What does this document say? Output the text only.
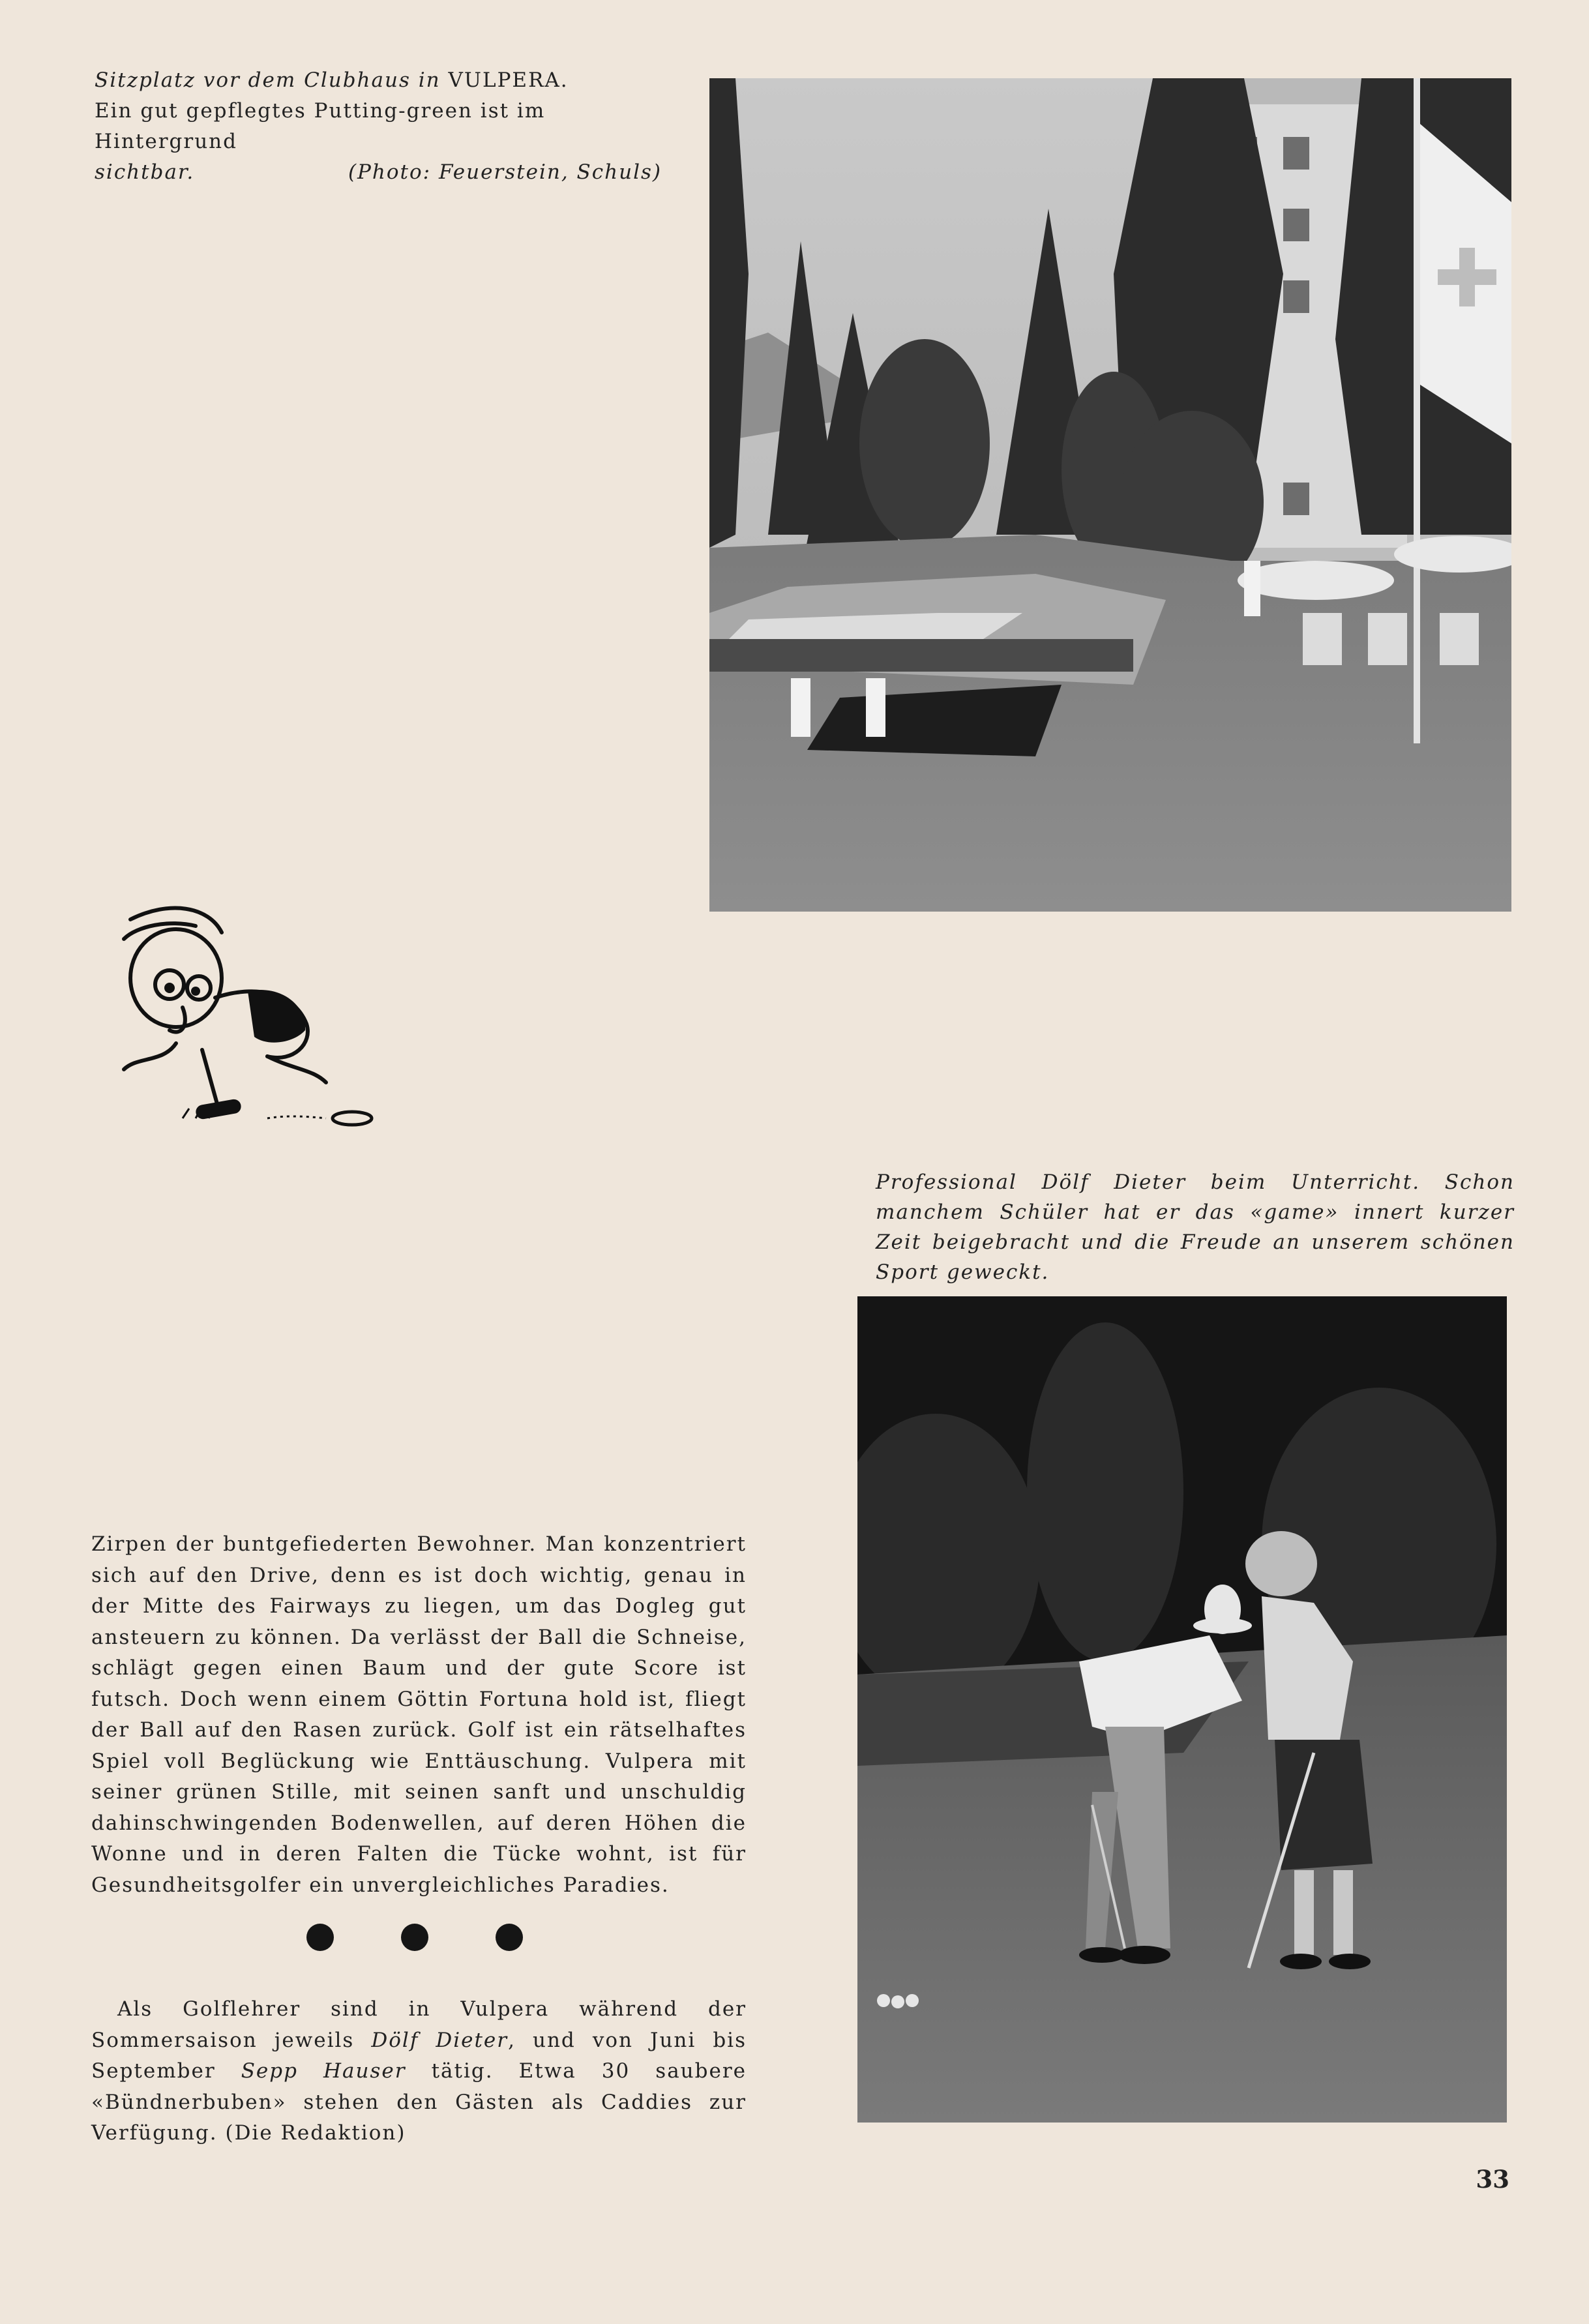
Sitzplatz vor dem Clubhaus in VULPERA.
Ein gut gepflegtes Putting-green ist im Hintergrund
sichtbar.	(Photo: Feuerstein, Schuls)
Professional Dölf Dieter beim Unterricht. Schon manchem Schüler hat er das «game» innert kurzer Zeit beigebracht und die Freude an unserem schönen Sport geweckt.

Zirpen der buntgefiederten Bewohner. Man konzentriert sich auf den Drive, denn es ist doch wichtig, genau in der Mitte des Fairways zu liegen, um das Dogleg gut ansteuern zu können. Da verlässt der Ball die Schneise, schlägt gegen einen Baum und der gute Score ist futsch. Doch wenn einem Göttin Fortuna hold ist, fliegt der Ball auf den Rasen zurück. Golf ist ein rätselhaftes Spiel voll Beglückung wie Enttäuschung. Vulpera mit seiner grünen Stille, mit seinen sanft und unschuldig dahinschwingenden Bodenwellen, auf deren Höhen die Wonne und in deren Falten die Tücke wohnt, ist für Gesundheitsgolfer ein unvergleichliches Paradies.

Als Golflehrer sind in Vulpera während der Sommersaison jeweils Dölf Dieter, und von Juni bis September Sepp Hauser tätig. Etwa 30 saubere «Bündnerbuben» stehen den Gästen als Caddies zur Verfügung. (Die Redaktion)
33
